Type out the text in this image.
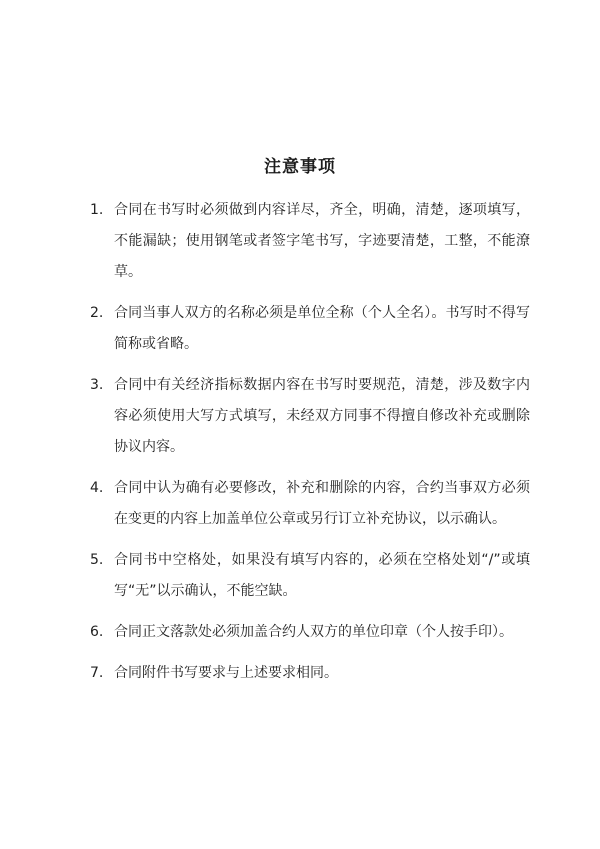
注意事项
1. 合同在书写时必须做到内容详尽，齐全，明确，清楚，逐项填写，不能漏缺；使用钢笔或者签字笔书写，字迹要清楚，工整，不能潦草。
2. 合同当事人双方的名称必须是单位全称（个人全名）。书写时不得写简称或省略。
3. 合同中有关经济指标数据内容在书写时要规范，清楚，涉及数字内容必须使用大写方式填写，未经双方同事不得擅自修改补充或删除协议内容。
4. 合同中认为确有必要修改，补充和删除的内容，合约当事双方必须在变更的内容上加盖单位公章或另行订立补充协议，以示确认。
5. 合同书中空格处，如果没有填写内容的，必须在空格处划“/”或填写“无”以示确认，不能空缺。
6. 合同正文落款处必须加盖合约人双方的单位印章（个人按手印）。
7. 合同附件书写要求与上述要求相同。
